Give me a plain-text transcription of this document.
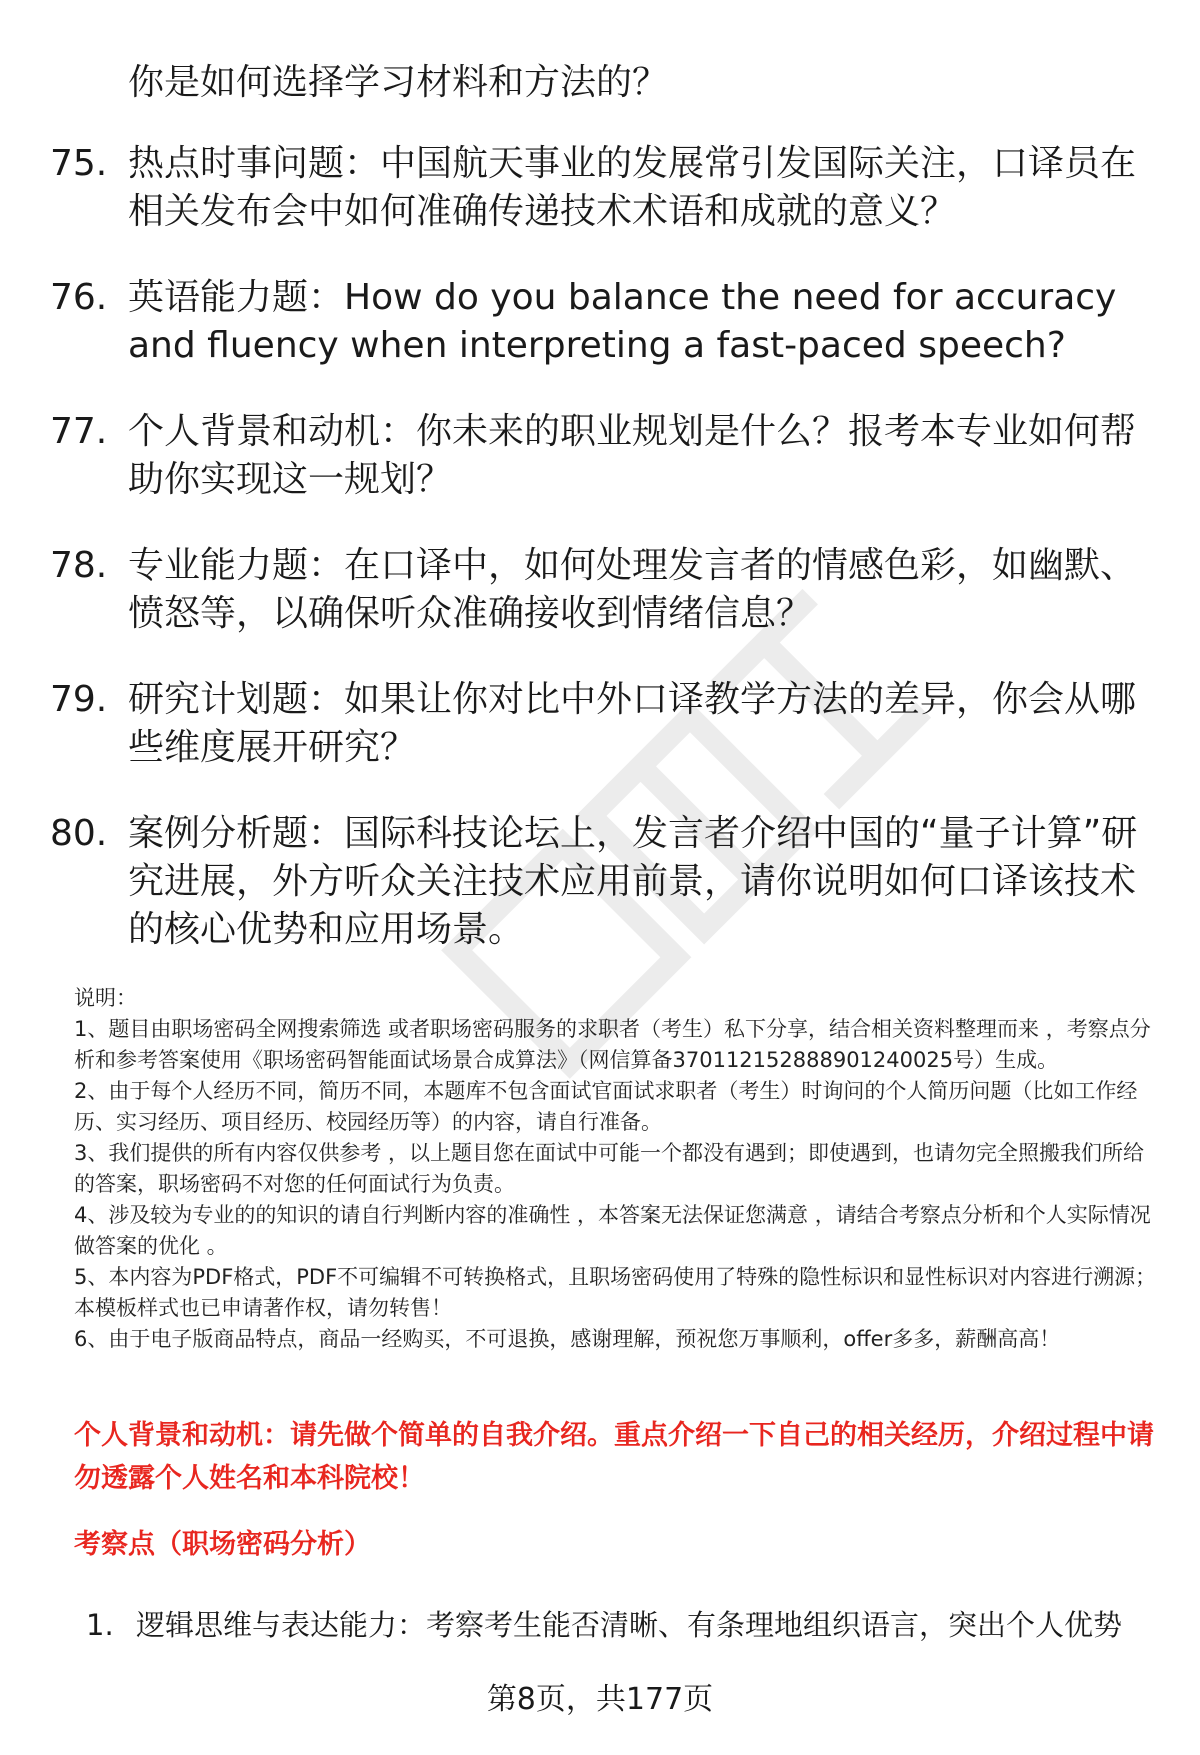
你是如何选择学习材料和方法的？

75. 热点时事问题：中国航天事业的发展常引发国际关注，口译员在相关发布会中如何准确传递技术术语和成就的意义？
76. 英语能力题：How do you balance the need for accuracy and fluency when interpreting a fast-paced speech?
77. 个人背景和动机：你未来的职业规划是什么？报考本专业如何帮助你实现这一规划？
78. 专业能力题：在口译中，如何处理发言者的情感色彩，如幽默、愤怒等，以确保听众准确接收到情绪信息？
79. 研究计划题：如果让你对比中外口译教学方法的差异，你会从哪些维度展开研究？
80. 案例分析题：国际科技论坛上，发言者介绍中国的“量子计算”研究进展，外方听众关注技术应用前景，请你说明如何口译该技术的核心优势和应用场景。

说明：

1、题目由职场密码全网搜索筛选 或者职场密码服务的求职者（考生）私下分享，结合相关资料整理而来 ，考察点分析和参考答案使用《职场密码智能面试场景合成算法》（网信算备370112152888901240025号）生成。

2、由于每个人经历不同，简历不同，本题库不包含面试官面试求职者（考生）时询问的个人简历问题（比如工作经历、实习经历、项目经历、校园经历等）的内容，请自行准备。

3、我们提供的所有内容仅供参考 ，以上题目您在面试中可能一个都没有遇到；即使遇到，也请勿完全照搬我们所给的答案，职场密码不对您的任何面试行为负责。

4、涉及较为专业的的知识的请自行判断内容的准确性 ，本答案无法保证您满意 ，请结合考察点分析和个人实际情况做答案的优化 。

5、本内容为PDF格式，PDF不可编辑不可转换格式，且职场密码使用了特殊的隐性标识和显性标识对内容进行溯源；本模板样式也已申请著作权，请勿转售！

6、由于电子版商品特点，商品一经购买，不可退换，感谢理解，预祝您万事顺利，offer多多，薪酬高高！

个人背景和动机：请先做个简单的自我介绍。重点介绍一下自己的相关经历，介绍过程中请勿透露个人姓名和本科院校！

考察点（职场密码分析）

1. 逻辑思维与表达能力：考察考生能否清晰、有条理地组织语言，突出个人优势
第8页，共177页
